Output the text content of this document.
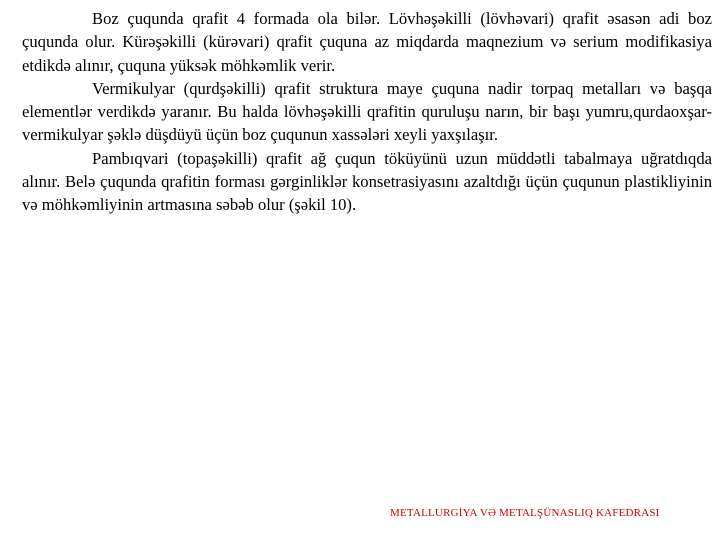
Boz çuqunda qrafit 4 formada ola bilər. Lövhəşəkilli (lövhəvari) qrafit əsasən adi boz çuqunda olur. Kürəşəkilli (kürəvari) qrafit çuquna az miqdarda maqnezium və serium modifikasiya etdikdə alınır, çuquna yüksək möhkəmlik verir.

Vermikulyar (qurdşəkilli) qrafit struktura maye çuquna nadir torpaq metalları və başqa elementlər verdikdə yaranır. Bu halda lövhəşəkilli qrafitin quruluşu narın, bir başı yumru,qurdaoxşar-vermikulyar şəklə düşdüyü üçün boz çuqunun xassələri xeyli yaxşılaşır.

Pambıqvari (topaşəkilli) qrafit ağ çuqun töküyünü uzun müddətli tabalmaya uğratdıqda alınır. Belə çuqunda qrafitin forması gərginliklər konsetrasiyasını azaltdığı üçün çuqunun plastikliyinin və möhkəmliyinin artmasına səbəb olur (şəkil 10).

METALLURGİYA VƏ METALŞÜNASLIQ KAFEDRASI
